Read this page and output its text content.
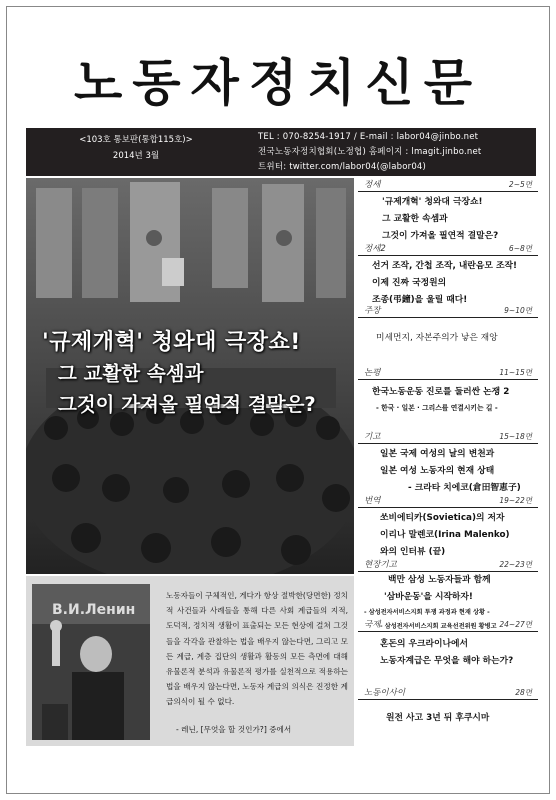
노동자정치신문
<103호 통보판(통합115호)>
2014년 3월
TEL : 070-8254-1917 / E-mail : labor04@jinbo.net
전국노동자정치협회(노정협) 홈페이지 : lmagit.jinbo.net
트위터: twitter.com/labor04(@labor04)
'규제개혁' 청와대 극장쇼!
그 교활한 속셈과
그것이 가져올 필연적 결말은?
В.И.Ленин
노동자들이 구체적인, 게다가 항상 절박한(당면한) 정치적 사건들과 사례들을 통해 다른 사회 계급들의 지적, 도덕적, 정치적 생활이 표출되는 모든 현상에 걸쳐 그것들을 각각을 관찰하는 법을 배우지 않는다면, 그리고 모든 계급, 계층 집단의 생활과 활동의 모든 측면에 대해 유물론적 분석과 유물론적 평가를 실천적으로 적용하는 법을 배우지 않는다면, 노동자 계급의 의식은 진정한 계급의식이 될 수 없다.
- 레닌, [무엇을 할 것인가?] 중에서
정세	2~5면
'규제개혁' 청와대 극장쇼!
그 교활한 속셈과
그것이 가져올 필연적 결말은?
정세2	6~8면
선거 조작, 간첩 조작, 내란음모 조작!
이제 진짜 국정원의
조종(弔鐘)을 울릴 때다!
주장	9~10면
미세먼지, 자본주의가 낳은 재앙
논평	11~15면
한국노동운동 진로를 둘러싼 논쟁 2
- 한국 · 일본 · 그리스를 연결시키는 길 -
기고	15~18면
일본 국제 여성의 날의 변천과
일본 여성 노동자의 현재 상태
- 크라타 치에코(倉田智恵子)
번역	19~22면
쏘비에티카(Sovietica)의 저자
이리나 말렌코(Irina Malenko)
와의 인터뷰 (끝)
현장기고	22~23면
백만 삼성 노동자들과 함께
'삼바운동'을 시작하자!
- 삼성전자서비스지회 투쟁 과정과 현재 상황 -
- 삼성전자서비스지회 교육선전위원 황병고
국제	24~27면
혼돈의 우크라이나에서
노동자계급은 무엇을 해야 하는가?
노동이사이	28면
원전 사고 3년 뒤 후쿠시마
